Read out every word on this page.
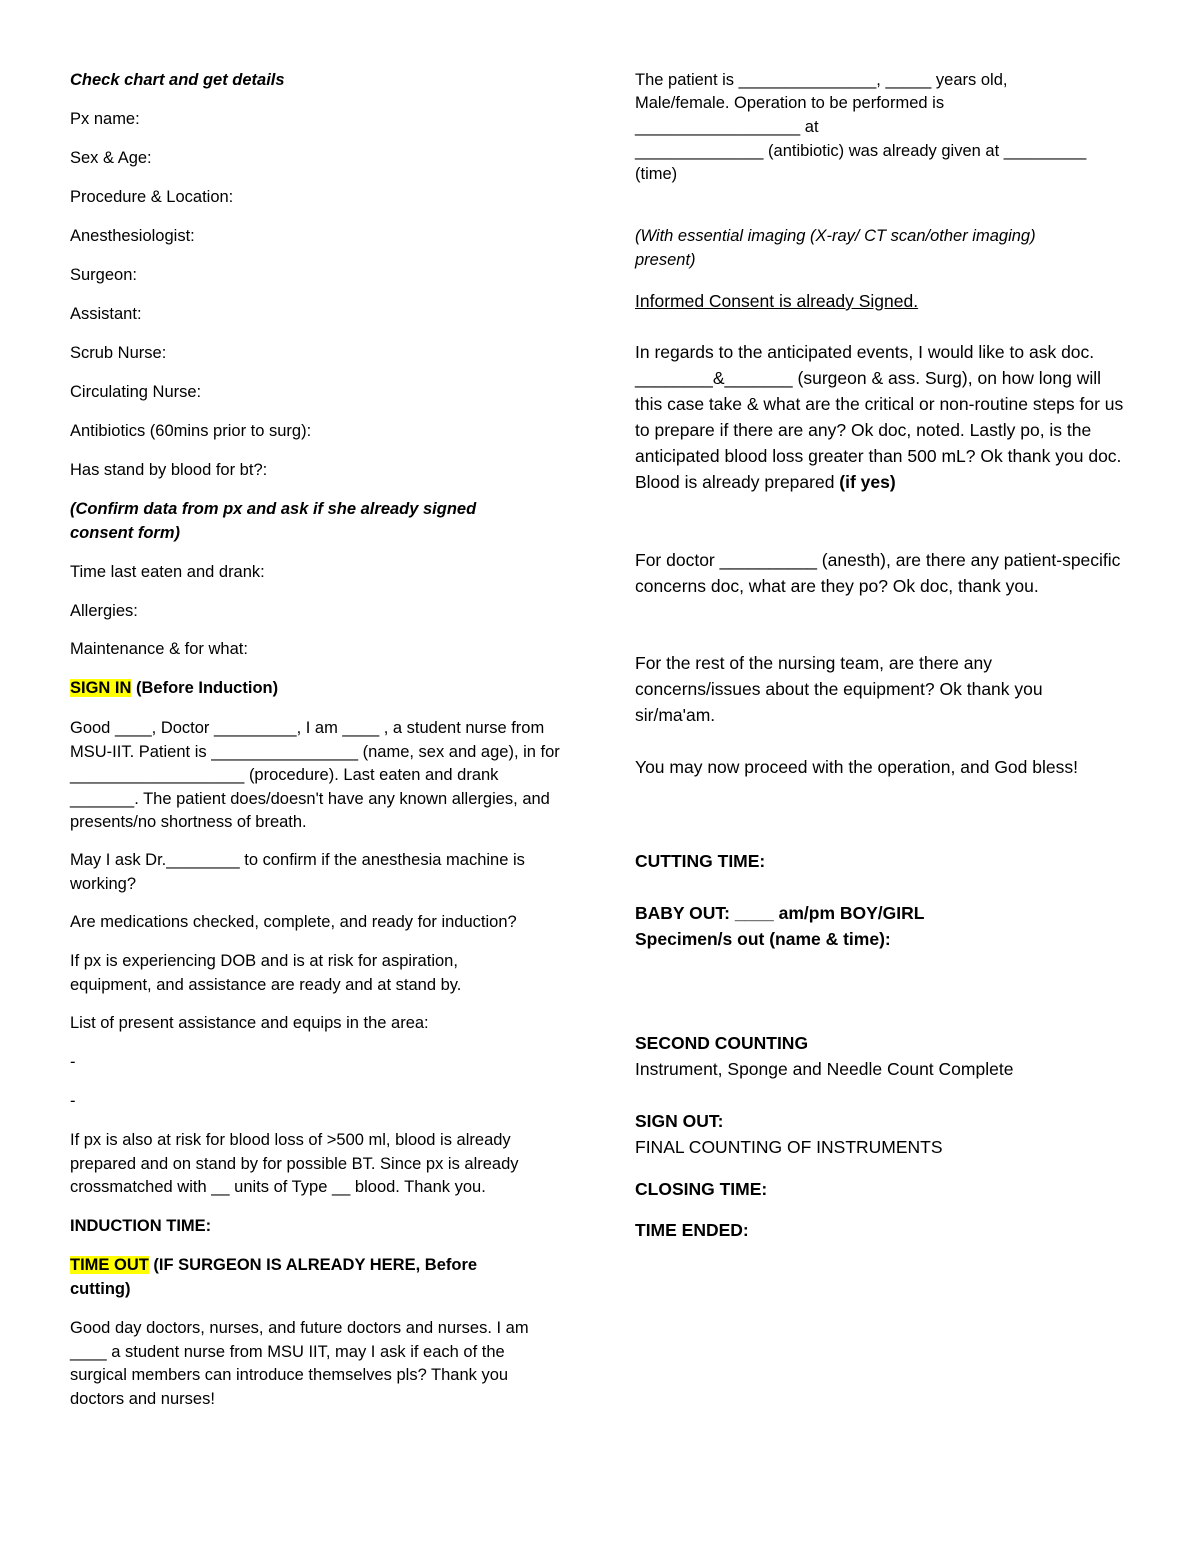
Check chart and get details

Px name:

Sex & Age:

Procedure & Location:

Anesthesiologist:

Surgeon:

Assistant:

Scrub Nurse:

Circulating Nurse:

Antibiotics (60mins prior to surg):

Has stand by blood for bt?:

(Confirm data from px and ask if she already signed consent form)

Time last eaten and drank:

Allergies:

Maintenance & for what:

SIGN IN (Before Induction)

Good ____, Doctor _________, I am ____ , a student nurse from MSU-IIT. Patient is ________________ (name, sex and age), in for ___________________ (procedure). Last eaten and drank _______. The patient does/doesn't have any known allergies, and presents/no shortness of breath.

May I ask Dr.________ to confirm if the anesthesia machine is working?

Are medications checked, complete, and ready for induction?

If px is experiencing DOB and is at risk for aspiration, equipment, and assistance are ready and at stand by.

List of present assistance and equips in the area:

-

-

If px is also at risk for blood loss of >500 ml, blood is already prepared and on stand by for possible BT. Since px is already crossmatched with __ units of Type __ blood. Thank you.

INDUCTION TIME:

TIME OUT (IF SURGEON IS ALREADY HERE, Before cutting)

Good day doctors, nurses, and future doctors and nurses. I am ____ a student nurse from MSU IIT, may I ask if each of the surgical members can introduce themselves pls? Thank you doctors and nurses!

The patient is _______________, _____ years old,

Male/female. Operation to be performed is

__________________ at

______________ (antibiotic) was already given at _________

(time)

(With essential imaging (X-ray/ CT scan/other imaging) present)

Informed Consent is already Signed.

In regards to the anticipated events, I would like to ask doc. ________&_______ (surgeon & ass. Surg), on how long will this case take & what are the critical or non-routine steps for us to prepare if there are any? Ok doc, noted. Lastly po, is the anticipated blood loss greater than 500 mL? Ok thank you doc. Blood is already prepared (if yes)

For doctor __________ (anesth), are there any patient-specific concerns doc, what are they po? Ok doc, thank you.

For the rest of the nursing team, are there any concerns/issues about the equipment? Ok thank you sir/ma'am.

You may now proceed with the operation, and God bless!

CUTTING TIME:

BABY OUT: ____ am/pm BOY/GIRL

Specimen/s out (name & time):

SECOND COUNTING

Instrument, Sponge and Needle Count Complete

SIGN OUT:

FINAL COUNTING OF INSTRUMENTS

CLOSING TIME:

TIME ENDED:
